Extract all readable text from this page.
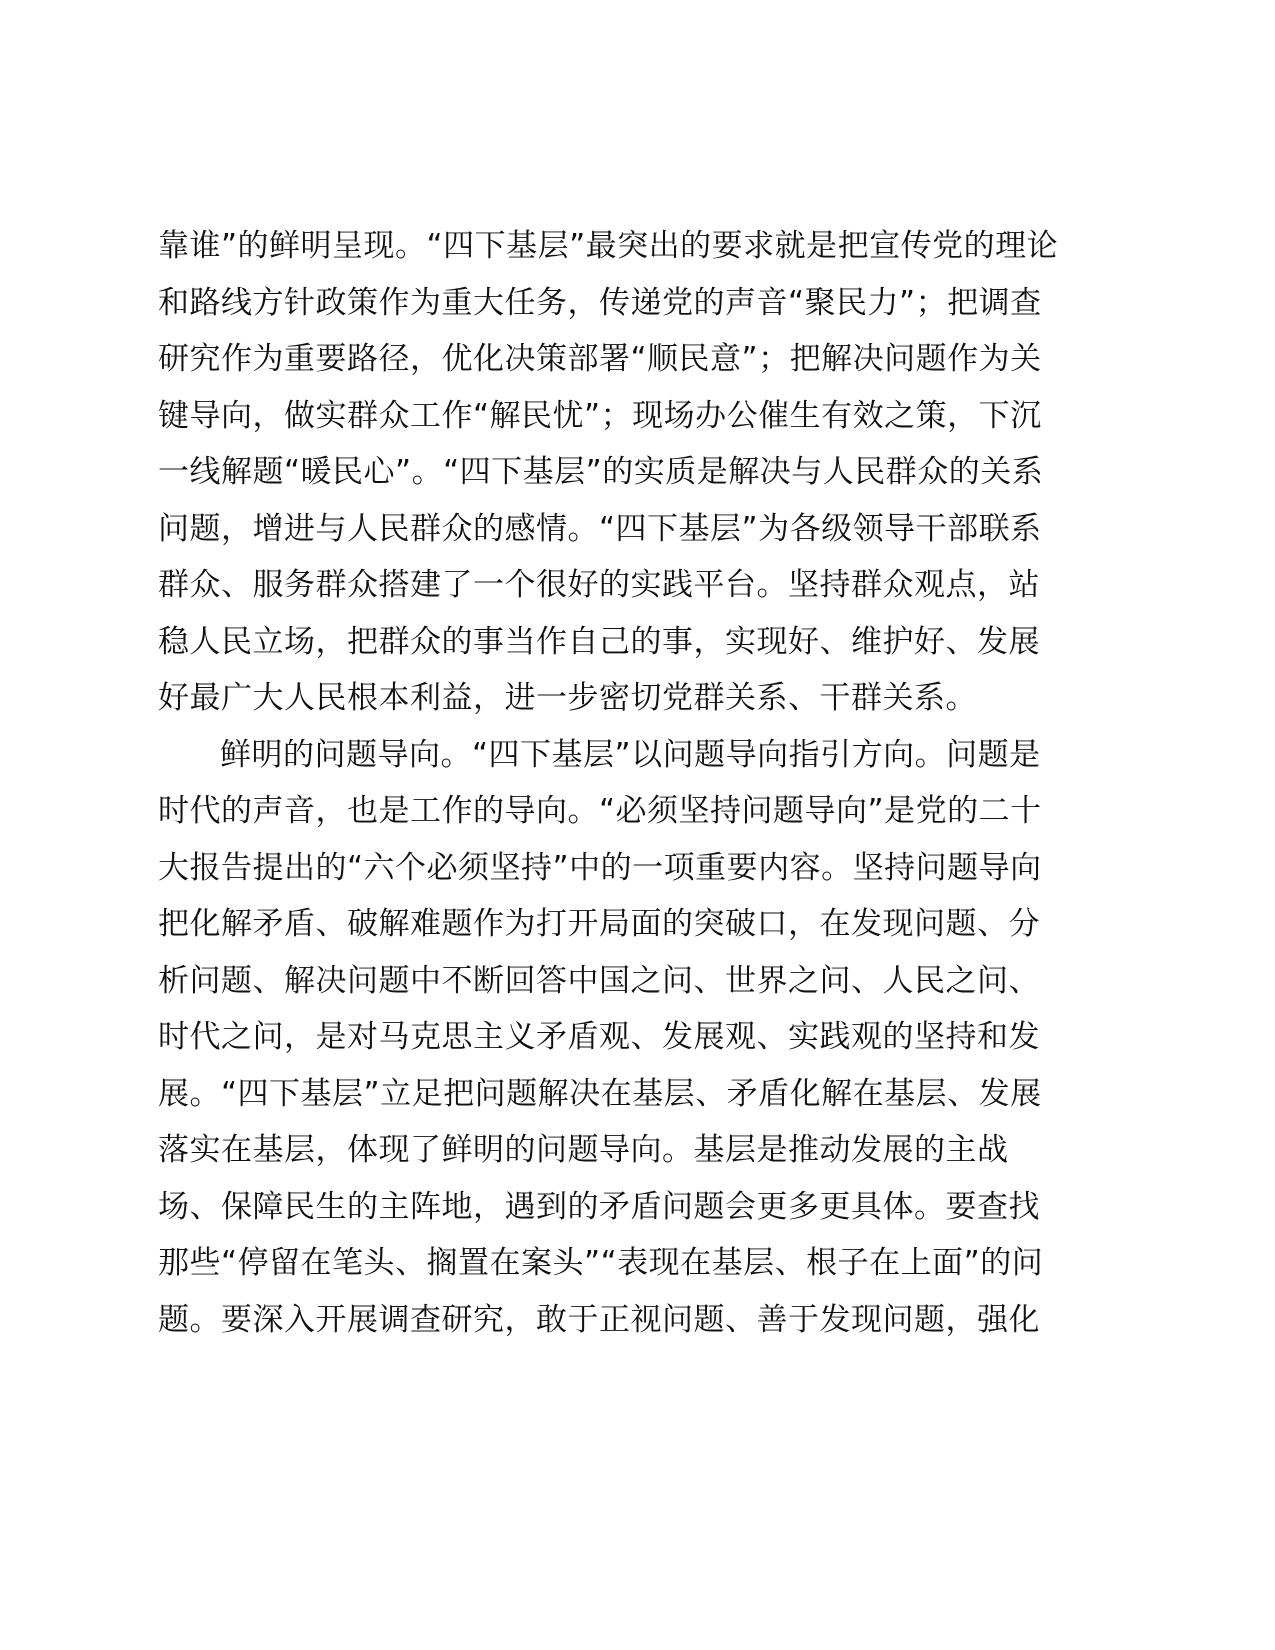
靠谁”的鲜明呈现。“四下基层”最突出的要求就是把宣传党的理论
和路线方针政策作为重大任务，传递党的声音“聚民力”；把调查
研究作为重要路径，优化决策部署“顺民意”；把解决问题作为关
键导向，做实群众工作“解民忧”；现场办公催生有效之策，下沉
一线解题“暖民心”。“四下基层”的实质是解决与人民群众的关系
问题，增进与人民群众的感情。“四下基层”为各级领导干部联系
群众、服务群众搭建了一个很好的实践平台。坚持群众观点，站
稳人民立场，把群众的事当作自己的事，实现好、维护好、发展
好最广大人民根本利益，进一步密切党群关系、干群关系。
鲜明的问题导向。“四下基层”以问题导向指引方向。问题是
时代的声音，也是工作的导向。“必须坚持问题导向”是党的二十
大报告提出的“六个必须坚持”中的一项重要内容。坚持问题导向
把化解矛盾、破解难题作为打开局面的突破口，在发现问题、分
析问题、解决问题中不断回答中国之问、世界之问、人民之问、
时代之问，是对马克思主义矛盾观、发展观、实践观的坚持和发
展。“四下基层”立足把问题解决在基层、矛盾化解在基层、发展
落实在基层，体现了鲜明的问题导向。基层是推动发展的主战
场、保障民生的主阵地，遇到的矛盾问题会更多更具体。要查找
那些“停留在笔头、搁置在案头”“表现在基层、根子在上面”的问
题。要深入开展调查研究，敢于正视问题、善于发现问题，强化
